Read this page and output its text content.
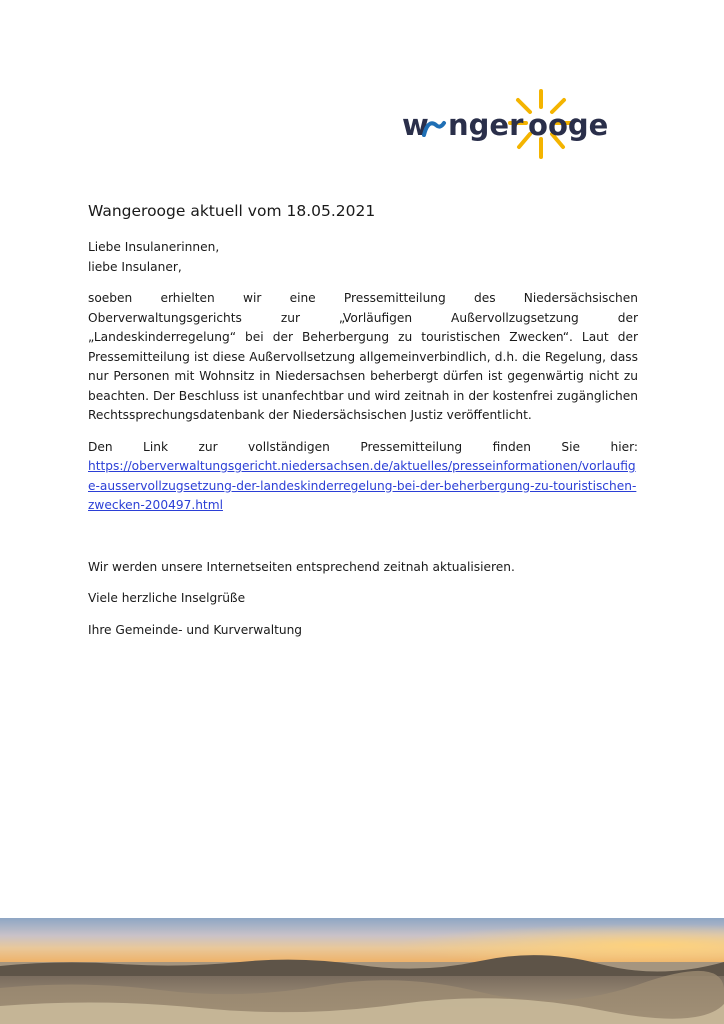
w nger o oge
Wangerooge aktuell vom 18.05.2021
Liebe Insulanerinnen,
liebe Insulaner,

soeben erhielten wir eine Pressemitteilung des Niedersächsischen Oberverwaltungsgerichts zur „Vorläufigen Außervollzugsetzung der „Landeskinderregelung“ bei der Beherbergung zu touristischen Zwecken“. Laut der Pressemitteilung ist diese Außervollsetzung allgemeinverbindlich, d.h. die Regelung, dass nur Personen mit Wohnsitz in Niedersachsen beherbergt dürfen ist gegenwärtig nicht zu beachten. Der Beschluss ist unanfechtbar und wird zeitnah in der kostenfrei zugänglichen Rechtssprechungsdatenbank der Niedersächsischen Justiz veröffentlicht.

Den Link zur vollständigen Pressemitteilung finden Sie hier:

https://oberverwaltungsgericht.niedersachsen.de/aktuelles/presseinformationen/vorlaufige-ausservollzugsetzung-der-landeskinderregelung-bei-der-beherbergung-zu-touristischen-zwecken-200497.html

Wir werden unsere Internetseiten entsprechend zeitnah aktualisieren.

Viele herzliche Inselgrüße

Ihre Gemeinde- und Kurverwaltung
